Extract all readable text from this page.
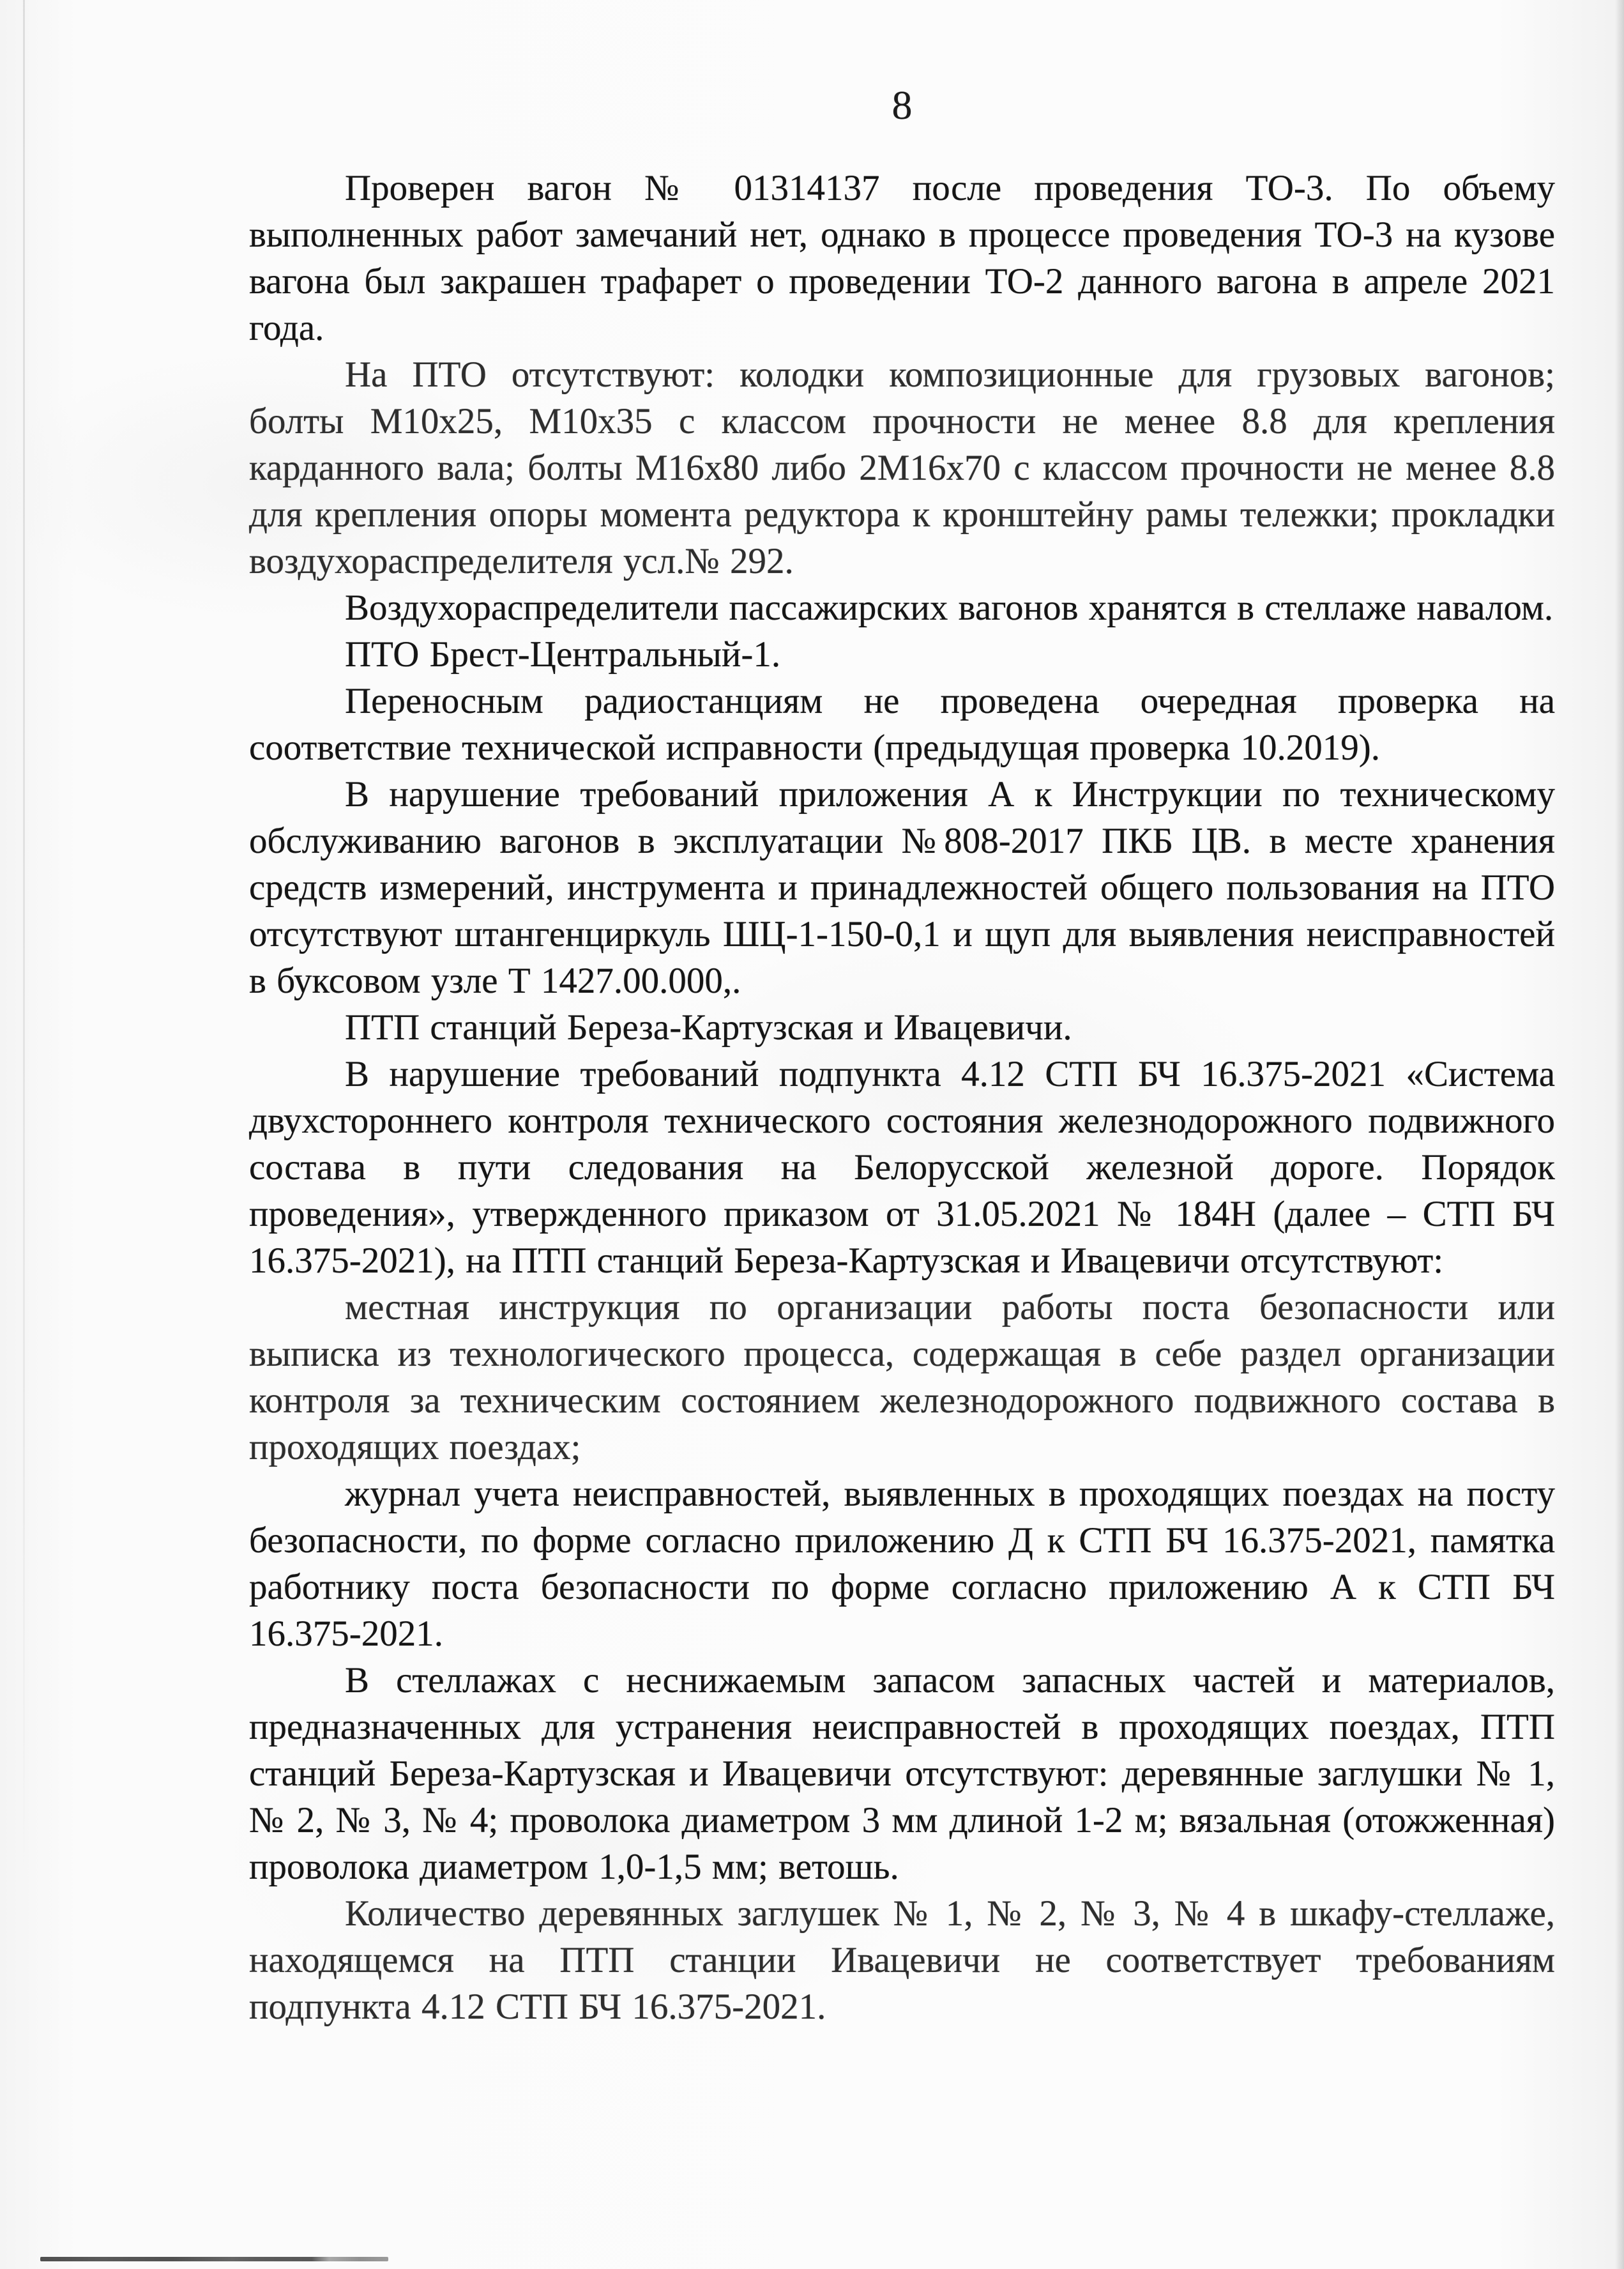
8

Проверен вагон № 01314137 после проведения ТО-3. По объему выполненных работ замечаний нет, однако в процессе проведения ТО-3 на кузове вагона был закрашен трафарет о проведении ТО-2 данного вагона в апреле 2021 года.

На ПТО отсутствуют: колодки композиционные для грузовых вагонов; болты М10х25, М10х35 с классом прочности не менее 8.8 для крепления карданного вала; болты М16х80 либо 2М16х70 с классом прочности не менее 8.8 для крепления опоры момента редуктора к кронштейну рамы тележки; прокладки воздухораспределителя усл.№ 292.

Воздухораспределители пассажирских вагонов хранятся в стеллаже навалом.

ПТО Брест-Центральный-1.

Переносным радиостанциям не проведена очередная проверка на соответствие технической исправности (предыдущая проверка 10.2019).

В нарушение требований приложения А к Инструкции по техническому обслуживанию вагонов в эксплуатации №808-2017 ПКБ ЦВ. в месте хранения средств измерений, инструмента и принадлежностей общего пользования на ПТО отсутствуют штангенциркуль ШЦ-1-150-0,1 и щуп для выявления неисправностей в буксовом узле Т 1427.00.000,.

ПТП станций Береза-Картузская и Ивацевичи.

В нарушение требований подпункта 4.12 СТП БЧ 16.375-2021 «Система двухстороннего контроля технического состояния железнодорожного подвижного состава в пути следования на Белорусской железной дороге. Порядок проведения», утвержденного приказом от 31.05.2021 № 184Н (далее – СТП БЧ 16.375-2021), на ПТП станций Береза-Картузская и Ивацевичи отсутствуют:

местная инструкция по организации работы поста безопасности или выписка из технологического процесса, содержащая в себе раздел организации контроля за техническим состоянием железнодорожного подвижного состава в проходящих поездах;

журнал учета неисправностей, выявленных в проходящих поездах на посту безопасности, по форме согласно приложению Д к СТП БЧ 16.375-2021, памятка работнику поста безопасности по форме согласно приложению А к СТП БЧ 16.375-2021.

В стеллажах с неснижаемым запасом запасных частей и материалов, предназначенных для устранения неисправностей в проходящих поездах, ПТП станций Береза-Картузская и Ивацевичи отсутствуют: деревянные заглушки № 1, № 2, № 3, № 4; проволока диаметром 3 мм длиной 1-2 м; вязальная (отожженная) проволока диаметром 1,0-1,5 мм; ветошь.

Количество деревянных заглушек № 1, № 2, № 3, № 4 в шкафу-стеллаже, находящемся на ПТП станции Ивацевичи не соответствует требованиям подпункта 4.12 СТП БЧ 16.375-2021.
